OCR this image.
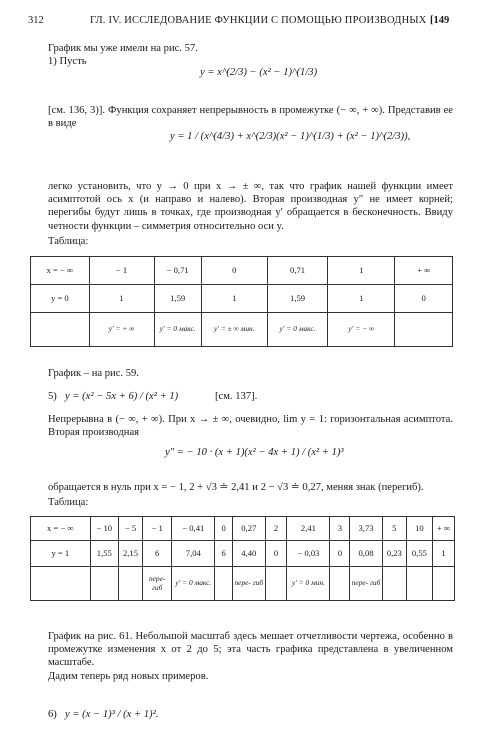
312	ГЛ. IV. ИССЛЕДОВАНИЕ ФУНКЦИИ С ПОМОЩЬЮ ПРОИЗВОДНЫХ [149
График мы уже имели на рис. 57.
1) Пусть
y = x^(2/3) − (x² − 1)^(1/3)
[см. 136, 3)]. Функция сохраняет непрерывность в промежутке (− ∞, + ∞). Представив ее в виде
y = 1 / (x^(4/3) + x^(2/3)(x² − 1)^(1/3) + (x² − 1)^(2/3)),
легко установить, что y → 0 при x → ± ∞, так что график нашей функции имеет асимптотой ось x (и направо и налево). Вторая производная y″ не имеет корней; перегибы будут лишь в точках, где производная y′ обращается в бесконечность. Ввиду четности функции – симметрия относительно оси y.
Таблица:
x = − ∞	− 1	− 0,71	0	0,71	1	+ ∞
y = 0	1	1,59	1	1,59	1	0
	y′ = + ∞	y′ = 0 макс.	y′ = ± ∞ мин.	y′ = 0 макс.	y′ = − ∞	
График – на рис. 59.
5) y = (x² − 5x + 6) / (x² + 1)	[см. 137].
Непрерывна в (− ∞, + ∞). При x → ± ∞, очевидно, lim y = 1: горизонтальная асимптота. Вторая производная
y″ = − 10 · (x + 1)(x² − 4x + 1) / (x² + 1)³
обращается в нуль при x = − 1, 2 + √3 ≐ 2,41 и 2 − √3 ≐ 0,27, меняя знак (перегиб).
Таблица:
x = − ∞	− 10	− 5	− 1	− 0,41	0	0,27	2	2,41	3	3,73	5	10	+ ∞
y = 1	1,55	2,15	6	7,04	6	4,40	0	− 0,03	0	0,08	0,23	0,55	1
			пере- гиб	y′ = 0 макс.		пере- гиб		y′ = 0 мин.		пере- гиб			
График на рис. 61. Небольшой масштаб здесь мешает отчетливости чертежа, особенно в промежутке изменения x от 2 до 5; эта часть графика представлена в увеличенном масштабе.
Дадим теперь ряд новых примеров.
6) y = (x − 1)³ / (x + 1)².
